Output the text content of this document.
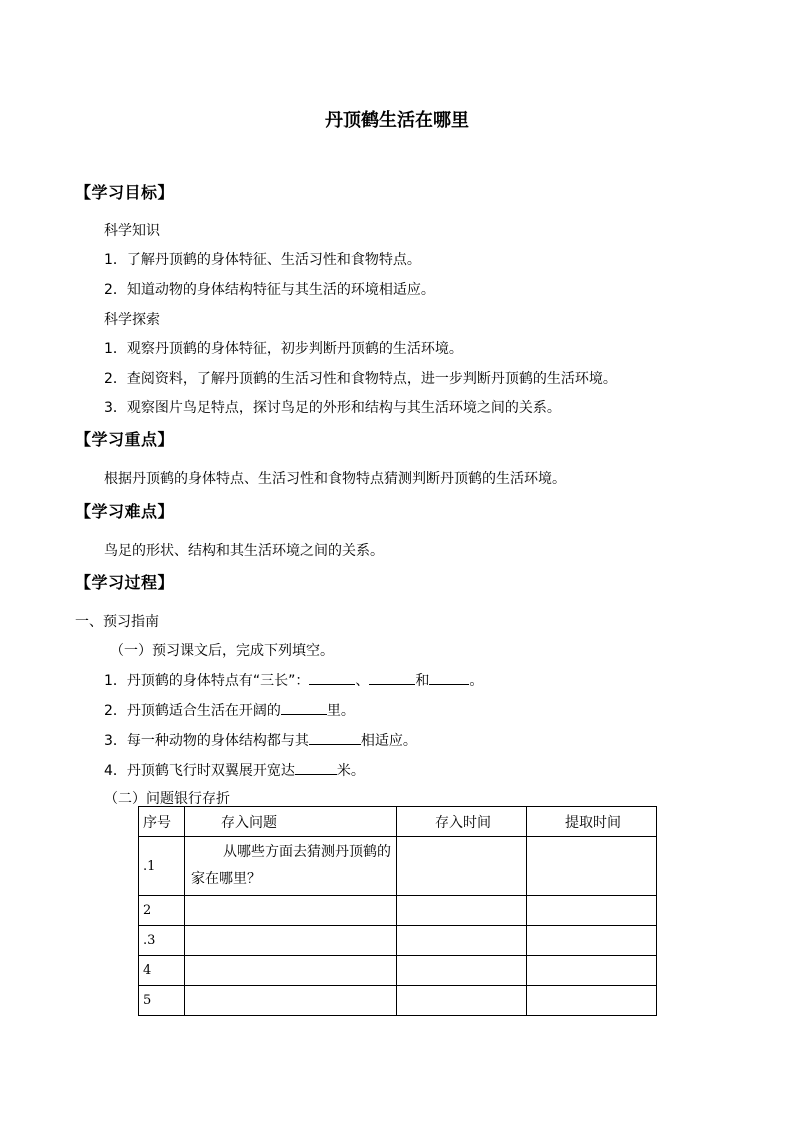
丹顶鹤生活在哪里
【学习目标】
科学知识
1．了解丹顶鹤的身体特征、生活习性和食物特点。
2．知道动物的身体结构特征与其生活的环境相适应。
科学探索
1．观察丹顶鹤的身体特征，初步判断丹顶鹤的生活环境。
2．查阅资料，了解丹顶鹤的生活习性和食物特点，进一步判断丹顶鹤的生活环境。
3．观察图片鸟足特点，探讨鸟足的外形和结构与其生活环境之间的关系。
【学习重点】
根据丹顶鹤的身体特点、生活习性和食物特点猜测判断丹顶鹤的生活环境。
【学习难点】
鸟足的形状、结构和其生活环境之间的关系。
【学习过程】
一、预习指南
（一）预习课文后，完成下列填空。
1．丹顶鹤的身体特点有“三长”：	、	和	。
2．丹顶鹤适合生活在开阔的	里。
3．每一种动物的身体结构都与其	相适应。
4．丹顶鹤飞行时双翼展开宽达	米。
（二）问题银行存折
序号	存入问题	存入时间	提取时间
.1	从哪些方面去猜测丹顶鹤的家在哪里？		

2			
.3			
4			
5			
